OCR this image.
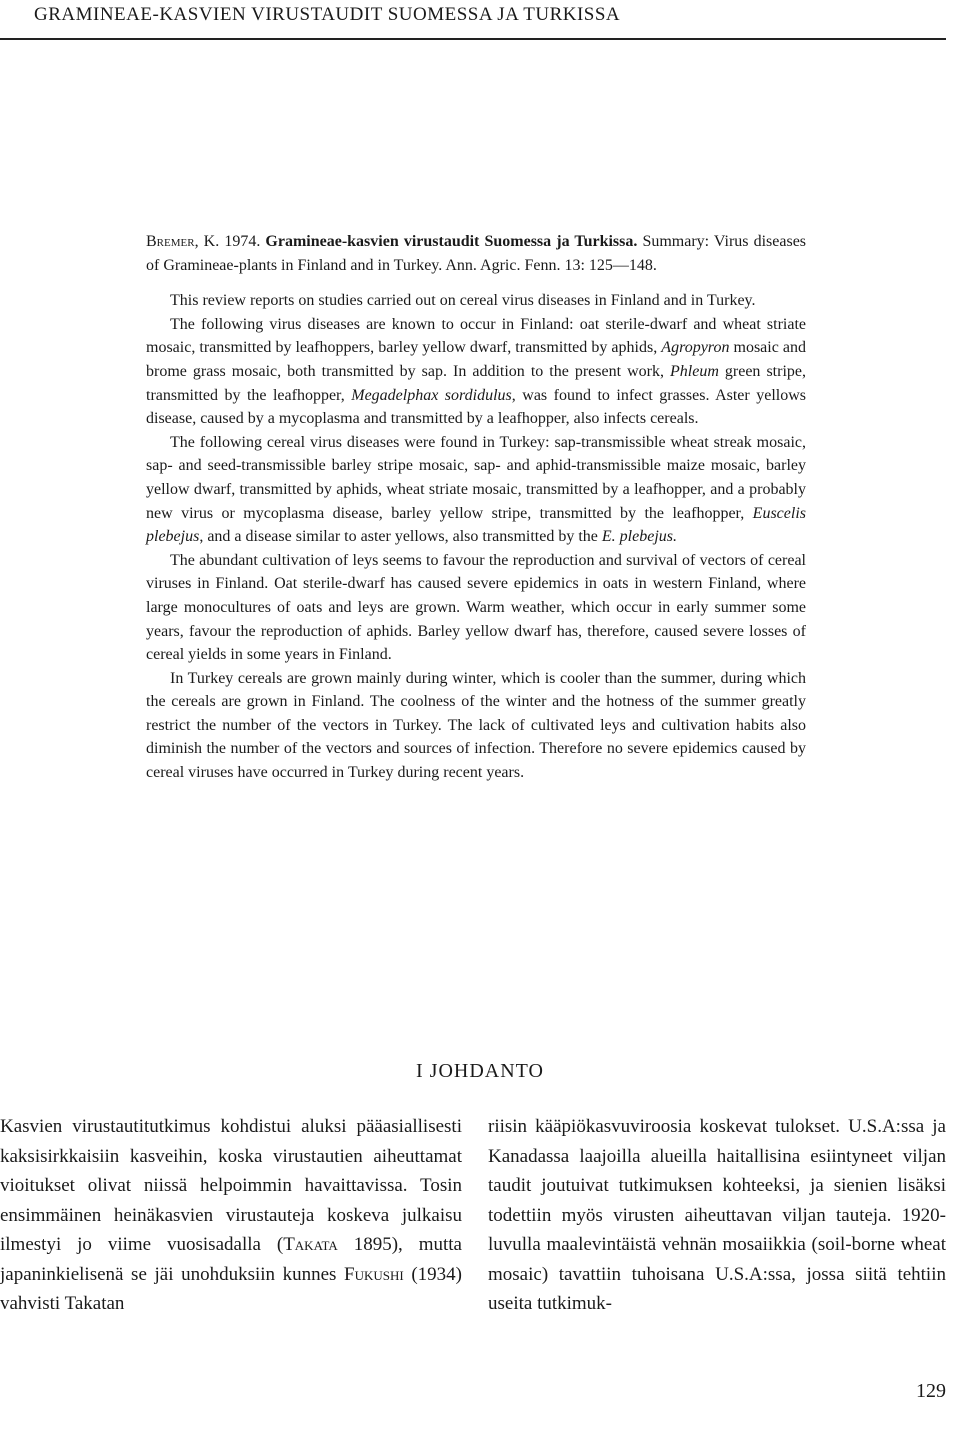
GRAMINEAE-KASVIEN VIRUSTAUDIT SUOMESSA JA TURKISSA

Bremer, K. 1974. Gramineae-kasvien virustaudit Suomessa ja Turkissa. Summary: Virus diseases of Gramineae-plants in Finland and in Turkey. Ann. Agric. Fenn. 13: 125—148.

This review reports on studies carried out on cereal virus diseases in Finland and in Turkey.

The following virus diseases are known to occur in Finland: oat sterile-dwarf and wheat striate mosaic, transmitted by leafhoppers, barley yellow dwarf, transmitted by aphids, Agropyron mosaic and brome grass mosaic, both transmitted by sap. In addition to the present work, Phleum green stripe, transmitted by the leafhopper, Megadelphax sordidulus, was found to infect grasses. Aster yellows disease, caused by a mycoplasma and transmitted by a leafhopper, also infects cereals.

The following cereal virus diseases were found in Turkey: sap-transmissible wheat streak mosaic, sap- and seed-transmissible barley stripe mosaic, sap- and aphid-transmissible maize mosaic, barley yellow dwarf, transmitted by aphids, wheat striate mosaic, transmitted by a leafhopper, and a probably new virus or mycoplasma disease, barley yellow stripe, transmitted by the leafhopper, Euscelis plebejus, and a disease similar to aster yellows, also transmitted by the E. plebejus.

The abundant cultivation of leys seems to favour the reproduction and survival of vectors of cereal viruses in Finland. Oat sterile-dwarf has caused severe epidemics in oats in western Finland, where large monocultures of oats and leys are grown. Warm weather, which occur in early summer some years, favour the reproduction of aphids. Barley yellow dwarf has, therefore, caused severe losses of cereal yields in some years in Finland.

In Turkey cereals are grown mainly during winter, which is cooler than the summer, during which the cereals are grown in Finland. The coolness of the winter and the hotness of the summer greatly restrict the number of the vectors in Turkey. The lack of cultivated leys and cultivation habits also diminish the number of the vectors and sources of infection. Therefore no severe epidemics caused by cereal viruses have occurred in Turkey during recent years.

I JOHDANTO

Kasvien virustautitutkimus kohdistui aluksi pääasiallisesti kaksisirkkaisiin kasveihin, koska virustautien aiheuttamat vioitukset olivat niissä helpoimmin havaittavissa. Tosin ensimmäinen heinäkasvien virustauteja koskeva julkaisu ilmestyi jo viime vuosisadalla (Takata 1895), mutta japaninkielisenä se jäi unohduksiin kunnes Fukushi (1934) vahvisti Takatan

riisin kääpiökasvuviroosia koskevat tulokset. U.S.A:ssa ja Kanadassa laajoilla alueilla haitallisina esiintyneet viljan taudit joutuivat tutkimuksen kohteeksi, ja sienien lisäksi todettiin myös virusten aiheuttavan viljan tauteja. 1920-luvulla maalevintäistä vehnän mosaiikkia (soil-borne wheat mosaic) tavattiin tuhoisana U.S.A:ssa, jossa siitä tehtiin useita tutkimuk-

129
